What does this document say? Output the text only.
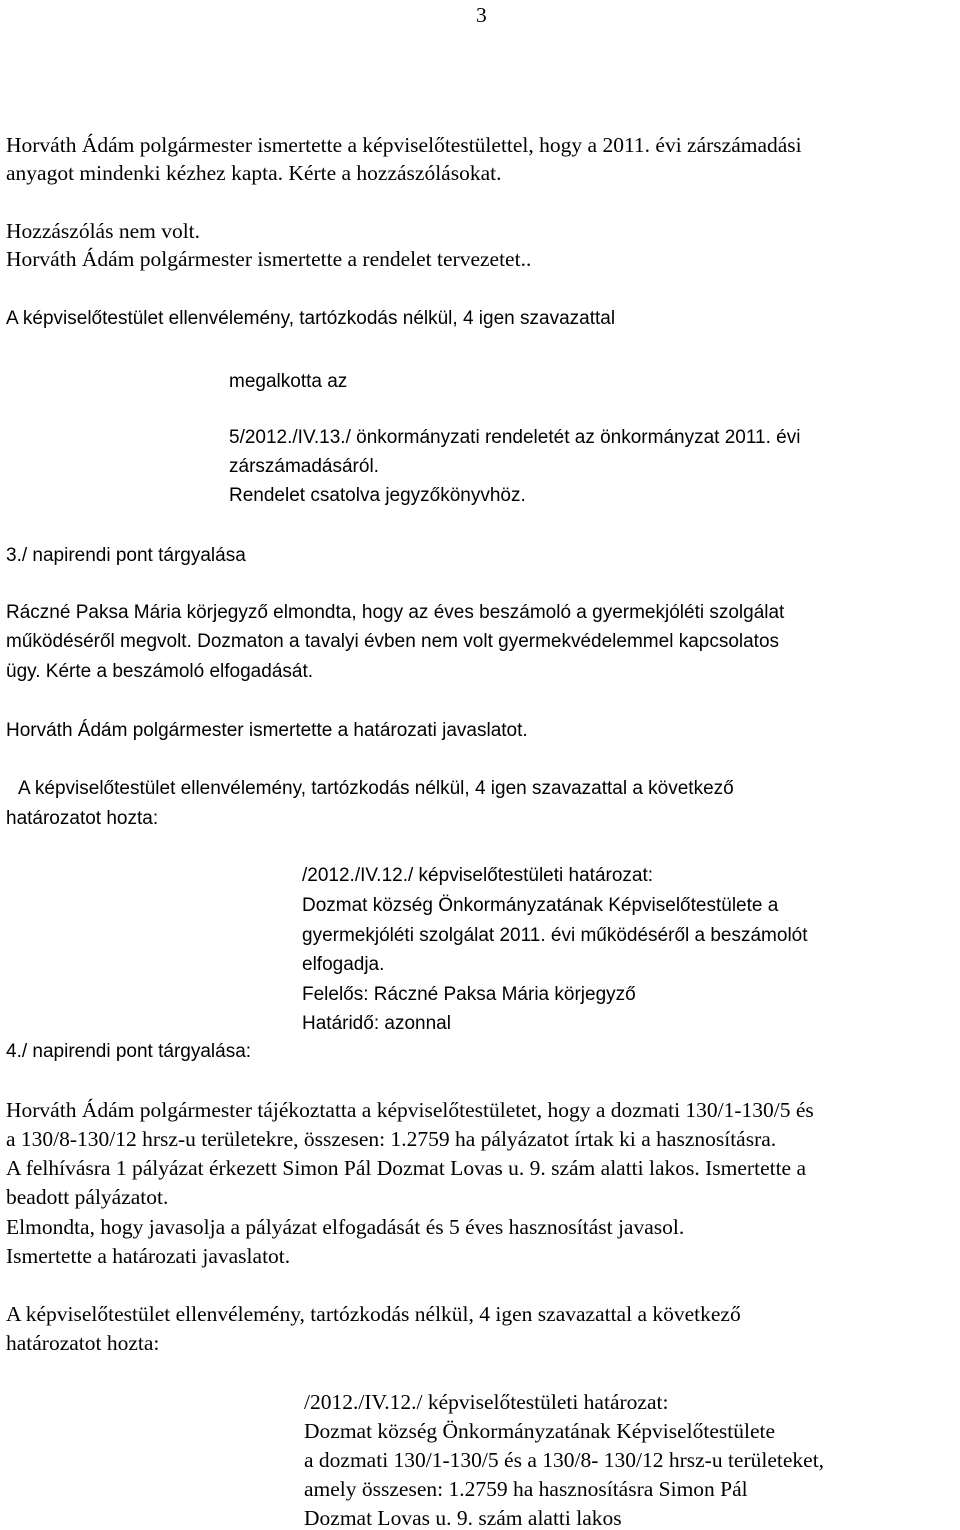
3
Horváth Ádám polgármester ismertette a képviselőtestülettel, hogy a 2011. évi zárszámadási
anyagot mindenki kézhez kapta. Kérte a hozzászólásokat.
Hozzászólás nem volt.
Horváth Ádám polgármester ismertette a rendelet tervezetet..
A képviselőtestület ellenvélemény, tartózkodás nélkül, 4 igen szavazattal
megalkotta az
5/2012./IV.13./ önkormányzati rendeletét az önkormányzat 2011. évi
zárszámadásáról.
Rendelet csatolva jegyzőkönyvhöz.
3./ napirendi pont tárgyalása
Ráczné Paksa Mária körjegyző elmondta, hogy az éves beszámoló a gyermekjóléti szolgálat
működéséről megvolt. Dozmaton a tavalyi évben nem volt gyermekvédelemmel kapcsolatos
ügy. Kérte a beszámoló elfogadását.
Horváth Ádám polgármester ismertette a határozati javaslatot.
A képviselőtestület ellenvélemény, tartózkodás nélkül, 4 igen szavazattal a következő
határozatot hozta:
/2012./IV.12./ képviselőtestületi határozat:
Dozmat község Önkormányzatának Képviselőtestülete a
gyermekjóléti szolgálat 2011. évi működéséről a beszámolót
elfogadja.
Felelős: Ráczné Paksa Mária körjegyző
Határidő: azonnal
4./ napirendi pont tárgyalása:
Horváth Ádám polgármester tájékoztatta a képviselőtestületet, hogy a dozmati 130/1-130/5 és
a 130/8-130/12 hrsz-u területekre, összesen: 1.2759 ha pályázatot írtak ki a hasznosításra.
A felhívásra 1 pályázat érkezett Simon Pál Dozmat Lovas u. 9. szám alatti lakos. Ismertette a
beadott pályázatot.
Elmondta, hogy javasolja a pályázat elfogadását és 5 éves hasznosítást javasol.
Ismertette a határozati javaslatot.
A képviselőtestület ellenvélemény, tartózkodás nélkül, 4 igen szavazattal a következő
határozatot hozta:
/2012./IV.12./ képviselőtestületi határozat:
Dozmat község Önkormányzatának Képviselőtestülete
a dozmati 130/1-130/5 és a 130/8- 130/12 hrsz-u területeket,
amely összesen: 1.2759 ha hasznosításra Simon Pál
Dozmat Lovas u. 9. szám alatti lakos
